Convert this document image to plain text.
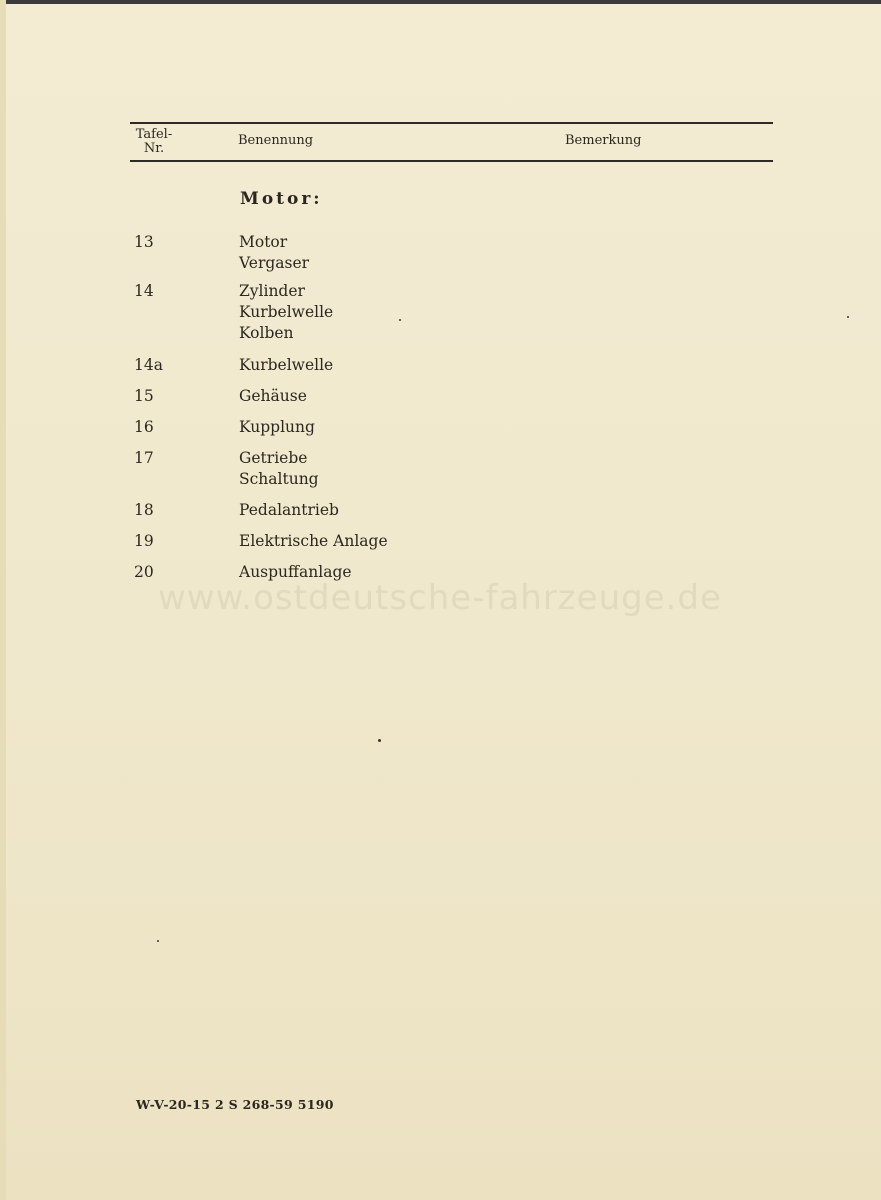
Tafel-
Nr.
Benennung	Bemerkung
Motor:
13	Motor
Vergaser
14	Zylinder
Kurbelwelle
Kolben
14a	Kurbelwelle
15	Gehäuse
16	Kupplung
17	Getriebe
Schaltung
18	Pedalantrieb
19	Elektrische Anlage
20	Auspuffanlage
www.ostdeutsche-fahrzeuge.de
W-V-20-15 2 S 268-59 5190
